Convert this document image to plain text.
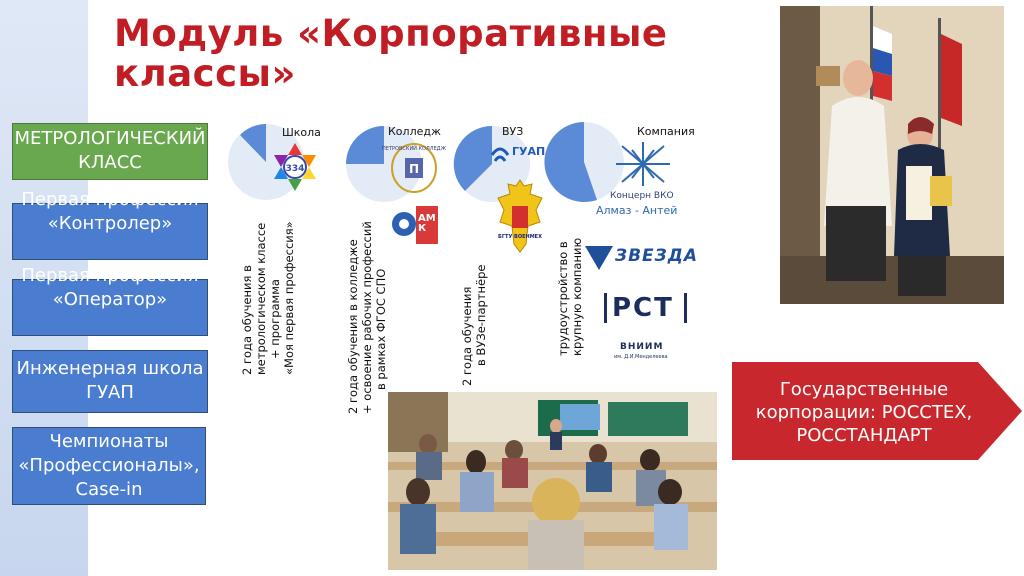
Модуль «Корпоративные классы»
МЕТРОЛОГИЧЕСКИЙ КЛАСС
Первая профессия «Контролер»
Первая профессия «Оператор»
Инженерная школа ГУАП
Чемпионаты «Профессионалы», Case-in
Школа	Колледж	ВУЗ	Компания
2 года обучения в метрологическом классе + программа «Моя первая профессия»	2 года обучения в колледже + освоение рабочих профессий в рамках ФГОС СПО	2 года обучения в ВУЗе-партнёре	трудоустройство в крупную компанию
334	П
ПЕТРОВСКИЙ КОЛЛЕДЖ
АМК
ГУАП
БГТУ ВОЕНМЕХ
Концерн ВКО
Алмаз - Антей
ЗВЕЗДА
РСТ
ВНИИМ
им. Д.И.Менделеева
Государственные корпорации: РОССТЕХ, РОССТАНДАРТ
